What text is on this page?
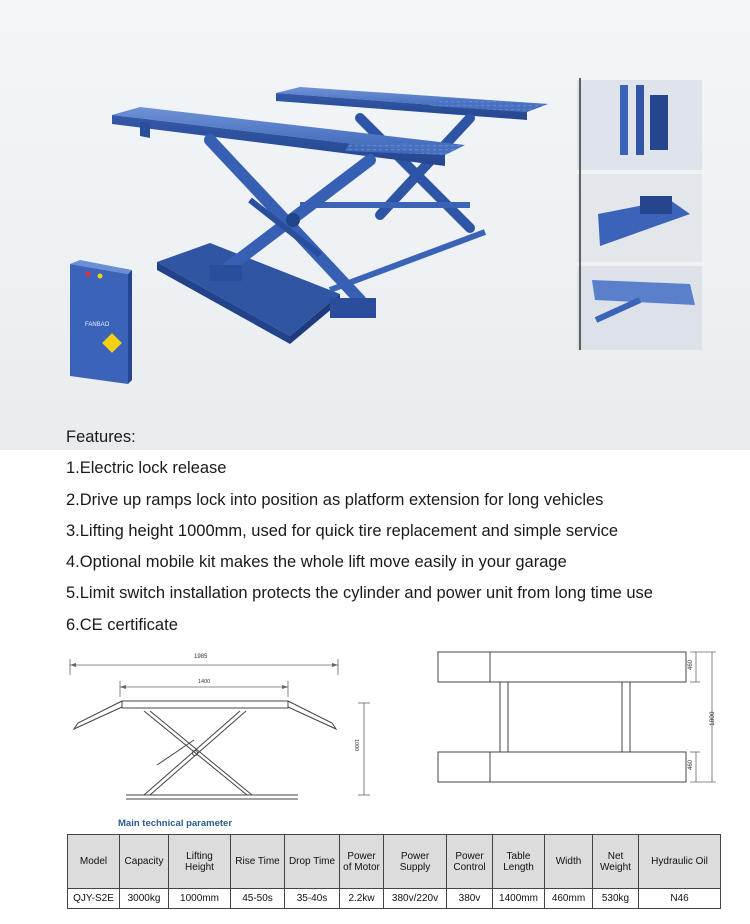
FANBAO

Features:

1.Electric lock release
2.Drive up ramps lock into position as platform extension for long vehicles
3.Lifting height 1000mm, used for quick tire replacement and simple service
4.Optional mobile kit makes the whole lift move easily in your garage
5.Limit switch installation protects the cylinder and power unit from long time use
6.CE certificate
1985
1400
1000
460
1800
460
Main technical parameter
Model	Capacity	Lifting Height	Rise Time	Drop Time	Power of Motor	Power Supply	Power Control	Table Length	Width	Net Weight	Hydraulic Oil
QJY-S2E	3000kg	1000mm	45-50s	35-40s	2.2kw	380v/220v	380v	1400mm	460mm	530kg	N46
